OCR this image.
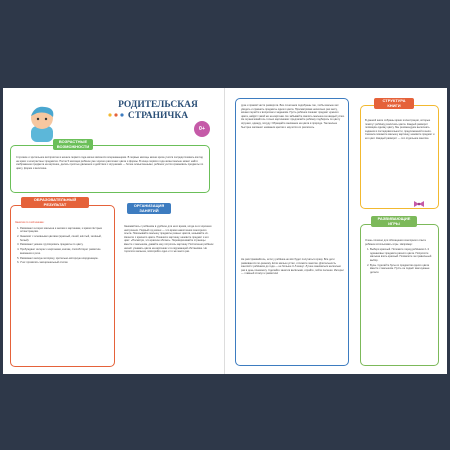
РОДИТЕЛЬСКАЯ СТРАНИЧКА
0+
ВОЗРАСТНЫЕ ВОЗМОЖНОСТИ
Слуховое и зрительное восприятие в начале первого года жизни являются опережающими. В первые месяцы жизни кроха учится сосредоточивать взгляд на ярких и контрастных предметах. После 5 месяцев ребёнок уже хорошо различает цвета и формы. В конце первого года жизни малыш может найти изображение предмета на картинке, делать простые движения и действия с игрушками — более осмысленными, ребёнок учится сравнивать предметы по цвету, форме и величине.
ОБРАЗОВАТЕЛЬНЫЙ РЕЗУЛЬТАТ
Занятия по этой книжке:
1. Развивают интерес малыша к книгам и картинкам, к ярким пёстрым иллюстрациям.
2. Знакомят с основными цветами (красный, синий, жёлтый, зелёный, белый).
3. Развивают умение группировать предметы по цвету.
4. Пробуждают интерес к картинкам, книгам, способствуют развитию внимания и речи.
5. Развивают мелкую моторику, зрительно-моторную координацию.
6. Учат проявлять эмоциональный отклик.
ОРГАНИЗАЦИЯ ЗАНЯТИЙ
Занимайтесь с ребёнком в удобное для него время, когда он в хорошем настроении. Первый год жизни — это время накопления сенсорного опыта. Показывайте малышу предметы разных цветов, называйте их. Начните с красного цвета. Покажите картинку, назовите предмет и его цвет: «Посмотри, это красное яблоко». Переворачивайте страницы вместе с малышом, давайте ему потрогать картинку. Постепенно ребёнок начнёт узнавать цвета на картинках и в окружающей обстановке. Не торопите малыша, повторяйте одно и то же много раз.
руке и правой части разворота. Все сочетания подобраны так, чтобы малыш мог увидеть и сравнить предметы одного цвета. Просматривая несколько раз книгу, можно перейти к вопросам и заданиям. Пусть ребёнок покажет предмет нужного цвета, найдёт такой же на картинке. Не забывайте хвалить малыша за каждый успех. Не ограничивайтесь только картинками: предлагайте ребёнку подбирать по цвету игрушки, одежду, посуду. Обращайте внимание на цвета в природе. Так малыш быстрее запомнит названия цветов и научится их различать.
Не расстраивайтесь, если у ребёнка не всё будет получаться сразу. Все дети развиваются по-разному. Если малыш устал, отложите занятие. Длительность занятий с ребёнком до года — не больше 3–5 минут. Лучше заниматься несколько раз в день понемногу. Сделайте занятия весёлыми, играйте, пойте песенки. Интерес — главный стимул к развитию!
СТРУКТУРА КНИГИ
В данной книге собраны яркие иллюстрации, которые помогут ребёнку различать цвета. Каждый разворот посвящён одному цвету. Мы рекомендуем выполнять задания в последовательности, предложенной в книге. Сначала покажите малышу картинку, назовите предмет и его цвет. Каждый разворот — это отдельное занятие.
РАЗВИВАЮЩИЕ ИГРЫ
Очень полезно для обогащения сенсорного опыта ребёнка использовать игры. Например:
1. Выбери красный. Положите перед ребёнком 2–3 одинаковых предмета разного цвета. Попросите малыша взять красный. Похвалите за правильный выбор.
2. Бусы. Сделайте бусы из предметов одного цвета вместе с малышом. Пусть он подаёт вам нужные детали.
